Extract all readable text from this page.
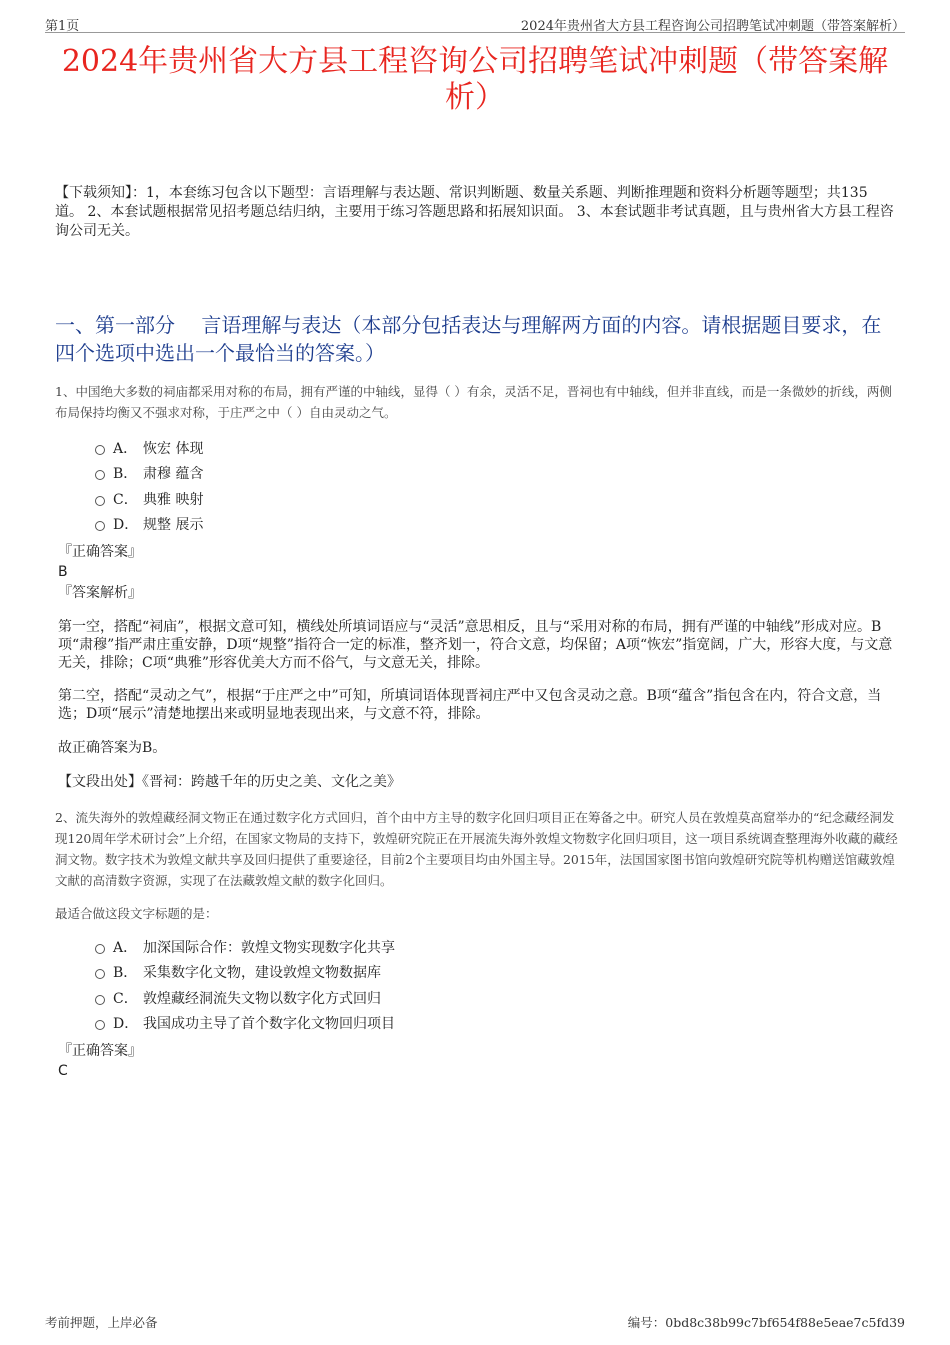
第1页	2024年贵州省大方县工程咨询公司招聘笔试冲刺题（带答案解析）
2024年贵州省大方县工程咨询公司招聘笔试冲刺题（带答案解
析）
【下载须知】：1，本套练习包含以下题型：言语理解与表达题、常识判断题、数量关系题、判断推理题和资料分析题等题型；共135道。 2、本套试题根据常见招考题总结归纳，主要用于练习答题思路和拓展知识面。 3、本套试题非考试真题，且与贵州省大方县工程咨询公司无关。
一、第一部分　 言语理解与表达（本部分包括表达与理解两方面的内容。请根据题目要求，在四个选项中选出一个最恰当的答案。）
1、中国绝大多数的祠庙都采用对称的布局，拥有严谨的中轴线，显得（ ）有余，灵活不足，晋祠也有中轴线，但并非直线，而是一条微妙的折线，两侧布局保持均衡又不强求对称，于庄严之中（ ）自由灵动之气。
A． 恢宏 体现
B． 肃穆 蕴含
C． 典雅 映射
D． 规整 展示
『正确答案』
B
『答案解析』
第一空，搭配“祠庙”，根据文意可知，横线处所填词语应与“灵活”意思相反，且与“采用对称的布局，拥有严谨的中轴线”形成对应。B项“肃穆”指严肃庄重安静，D项“规整”指符合一定的标准，整齐划一，符合文意，均保留；A项“恢宏”指宽阔，广大，形容大度，与文意无关，排除；C项“典雅”形容优美大方而不俗气，与文意无关，排除。
第二空，搭配“灵动之气”，根据“于庄严之中”可知，所填词语体现晋祠庄严中又包含灵动之意。B项“蕴含”指包含在内，符合文意，当选；D项“展示”清楚地摆出来或明显地表现出来，与文意不符，排除。
故正确答案为B。
【文段出处】《晋祠：跨越千年的历史之美、文化之美》
2、流失海外的敦煌藏经洞文物正在通过数字化方式回归，首个由中方主导的数字化回归项目正在筹备之中。研究人员在敦煌莫高窟举办的“纪念藏经洞发现120周年学术研讨会”上介绍，在国家文物局的支持下，敦煌研究院正在开展流失海外敦煌文物数字化回归项目，这一项目系统调查整理海外收藏的藏经洞文物。数字技术为敦煌文献共享及回归提供了重要途径，目前2个主要项目均由外国主导。2015年，法国国家图书馆向敦煌研究院等机构赠送馆藏敦煌文献的高清数字资源，实现了在法藏敦煌文献的数字化回归。
最适合做这段文字标题的是：
A． 加深国际合作：敦煌文物实现数字化共享
B． 采集数字化文物，建设敦煌文物数据库
C． 敦煌藏经洞流失文物以数字化方式回归
D． 我国成功主导了首个数字化文物回归项目
『正确答案』
C
考前押题，上岸必备	编号：0bd8c38b99c7bf654f88e5eae7c5fd39
